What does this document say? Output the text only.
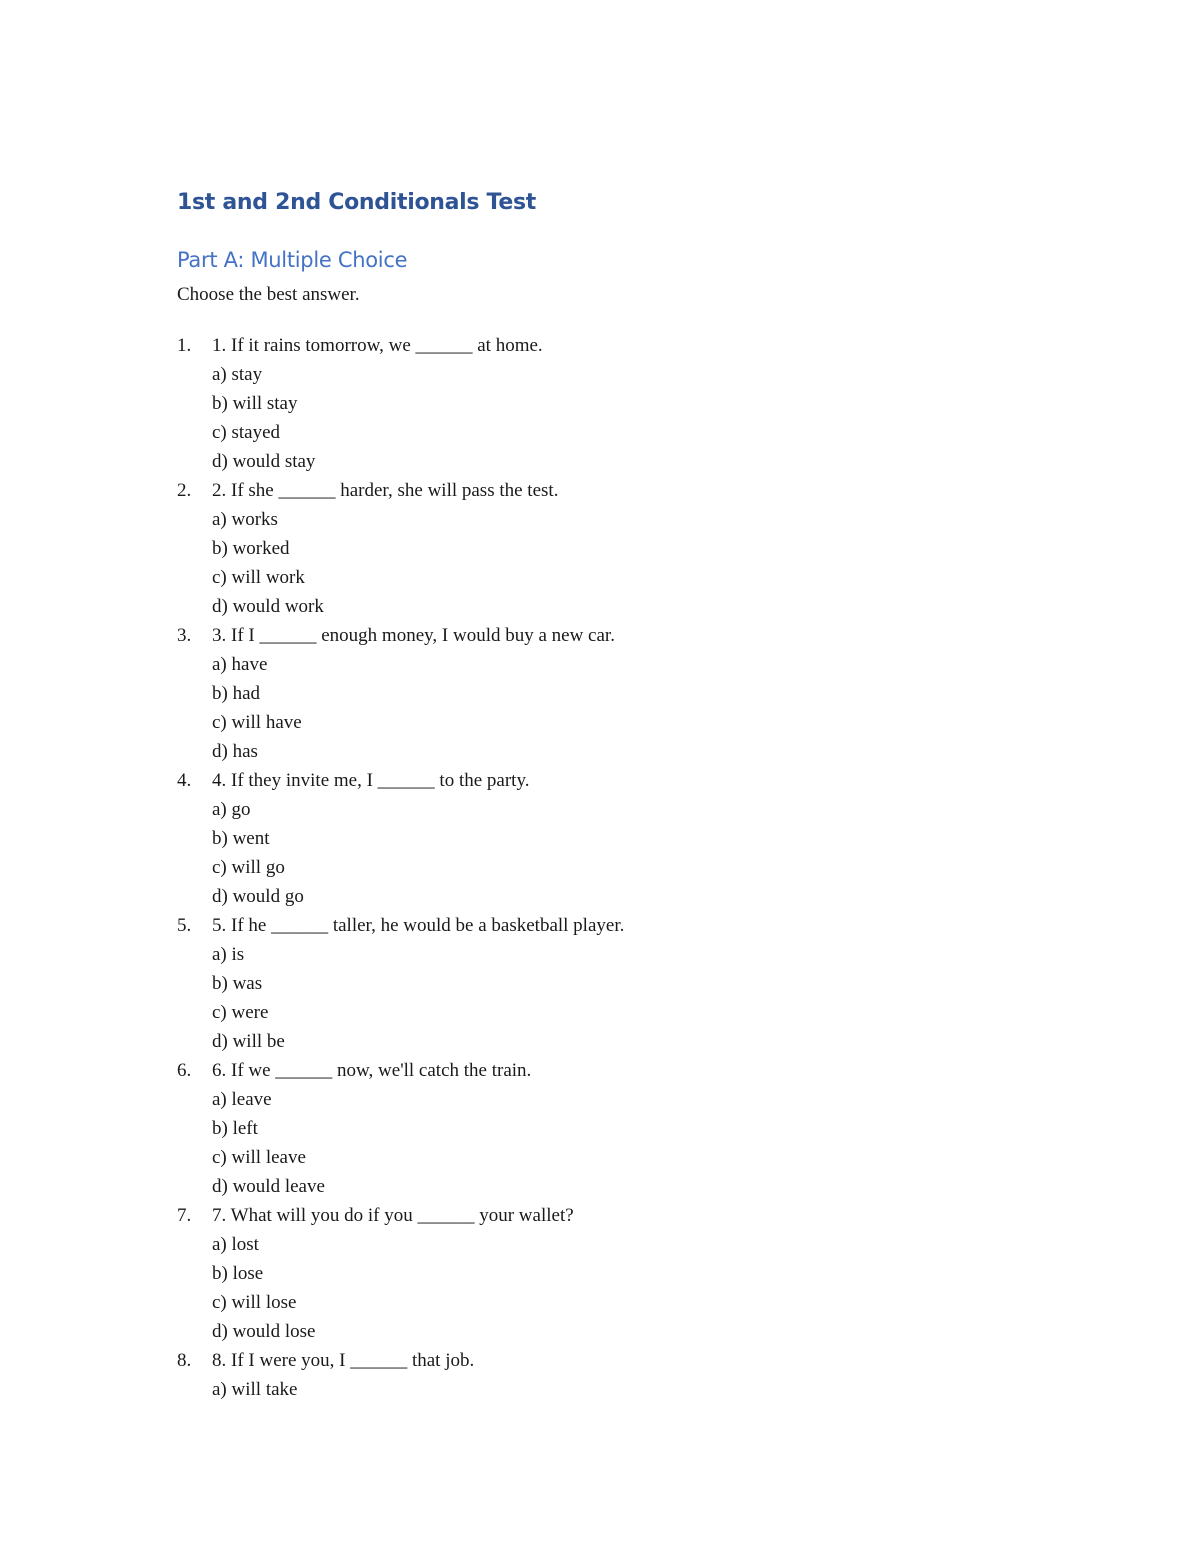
1st and 2nd Conditionals Test
Part A: Multiple Choice

Choose the best answer.

1.	1. If it rains tomorrow, we ______ at home.
a) stay
b) will stay
c) stayed
d) would stay
2.	2. If she ______ harder, she will pass the test.
a) works
b) worked
c) will work
d) would work
3.	3. If I ______ enough money, I would buy a new car.
a) have
b) had
c) will have
d) has
4.	4. If they invite me, I ______ to the party.
a) go
b) went
c) will go
d) would go
5.	5. If he ______ taller, he would be a basketball player.
a) is
b) was
c) were
d) will be
6.	6. If we ______ now, we'll catch the train.
a) leave
b) left
c) will leave
d) would leave
7.	7. What will you do if you ______ your wallet?
a) lost
b) lose
c) will lose
d) would lose
8.	8. If I were you, I ______ that job.
a) will take
